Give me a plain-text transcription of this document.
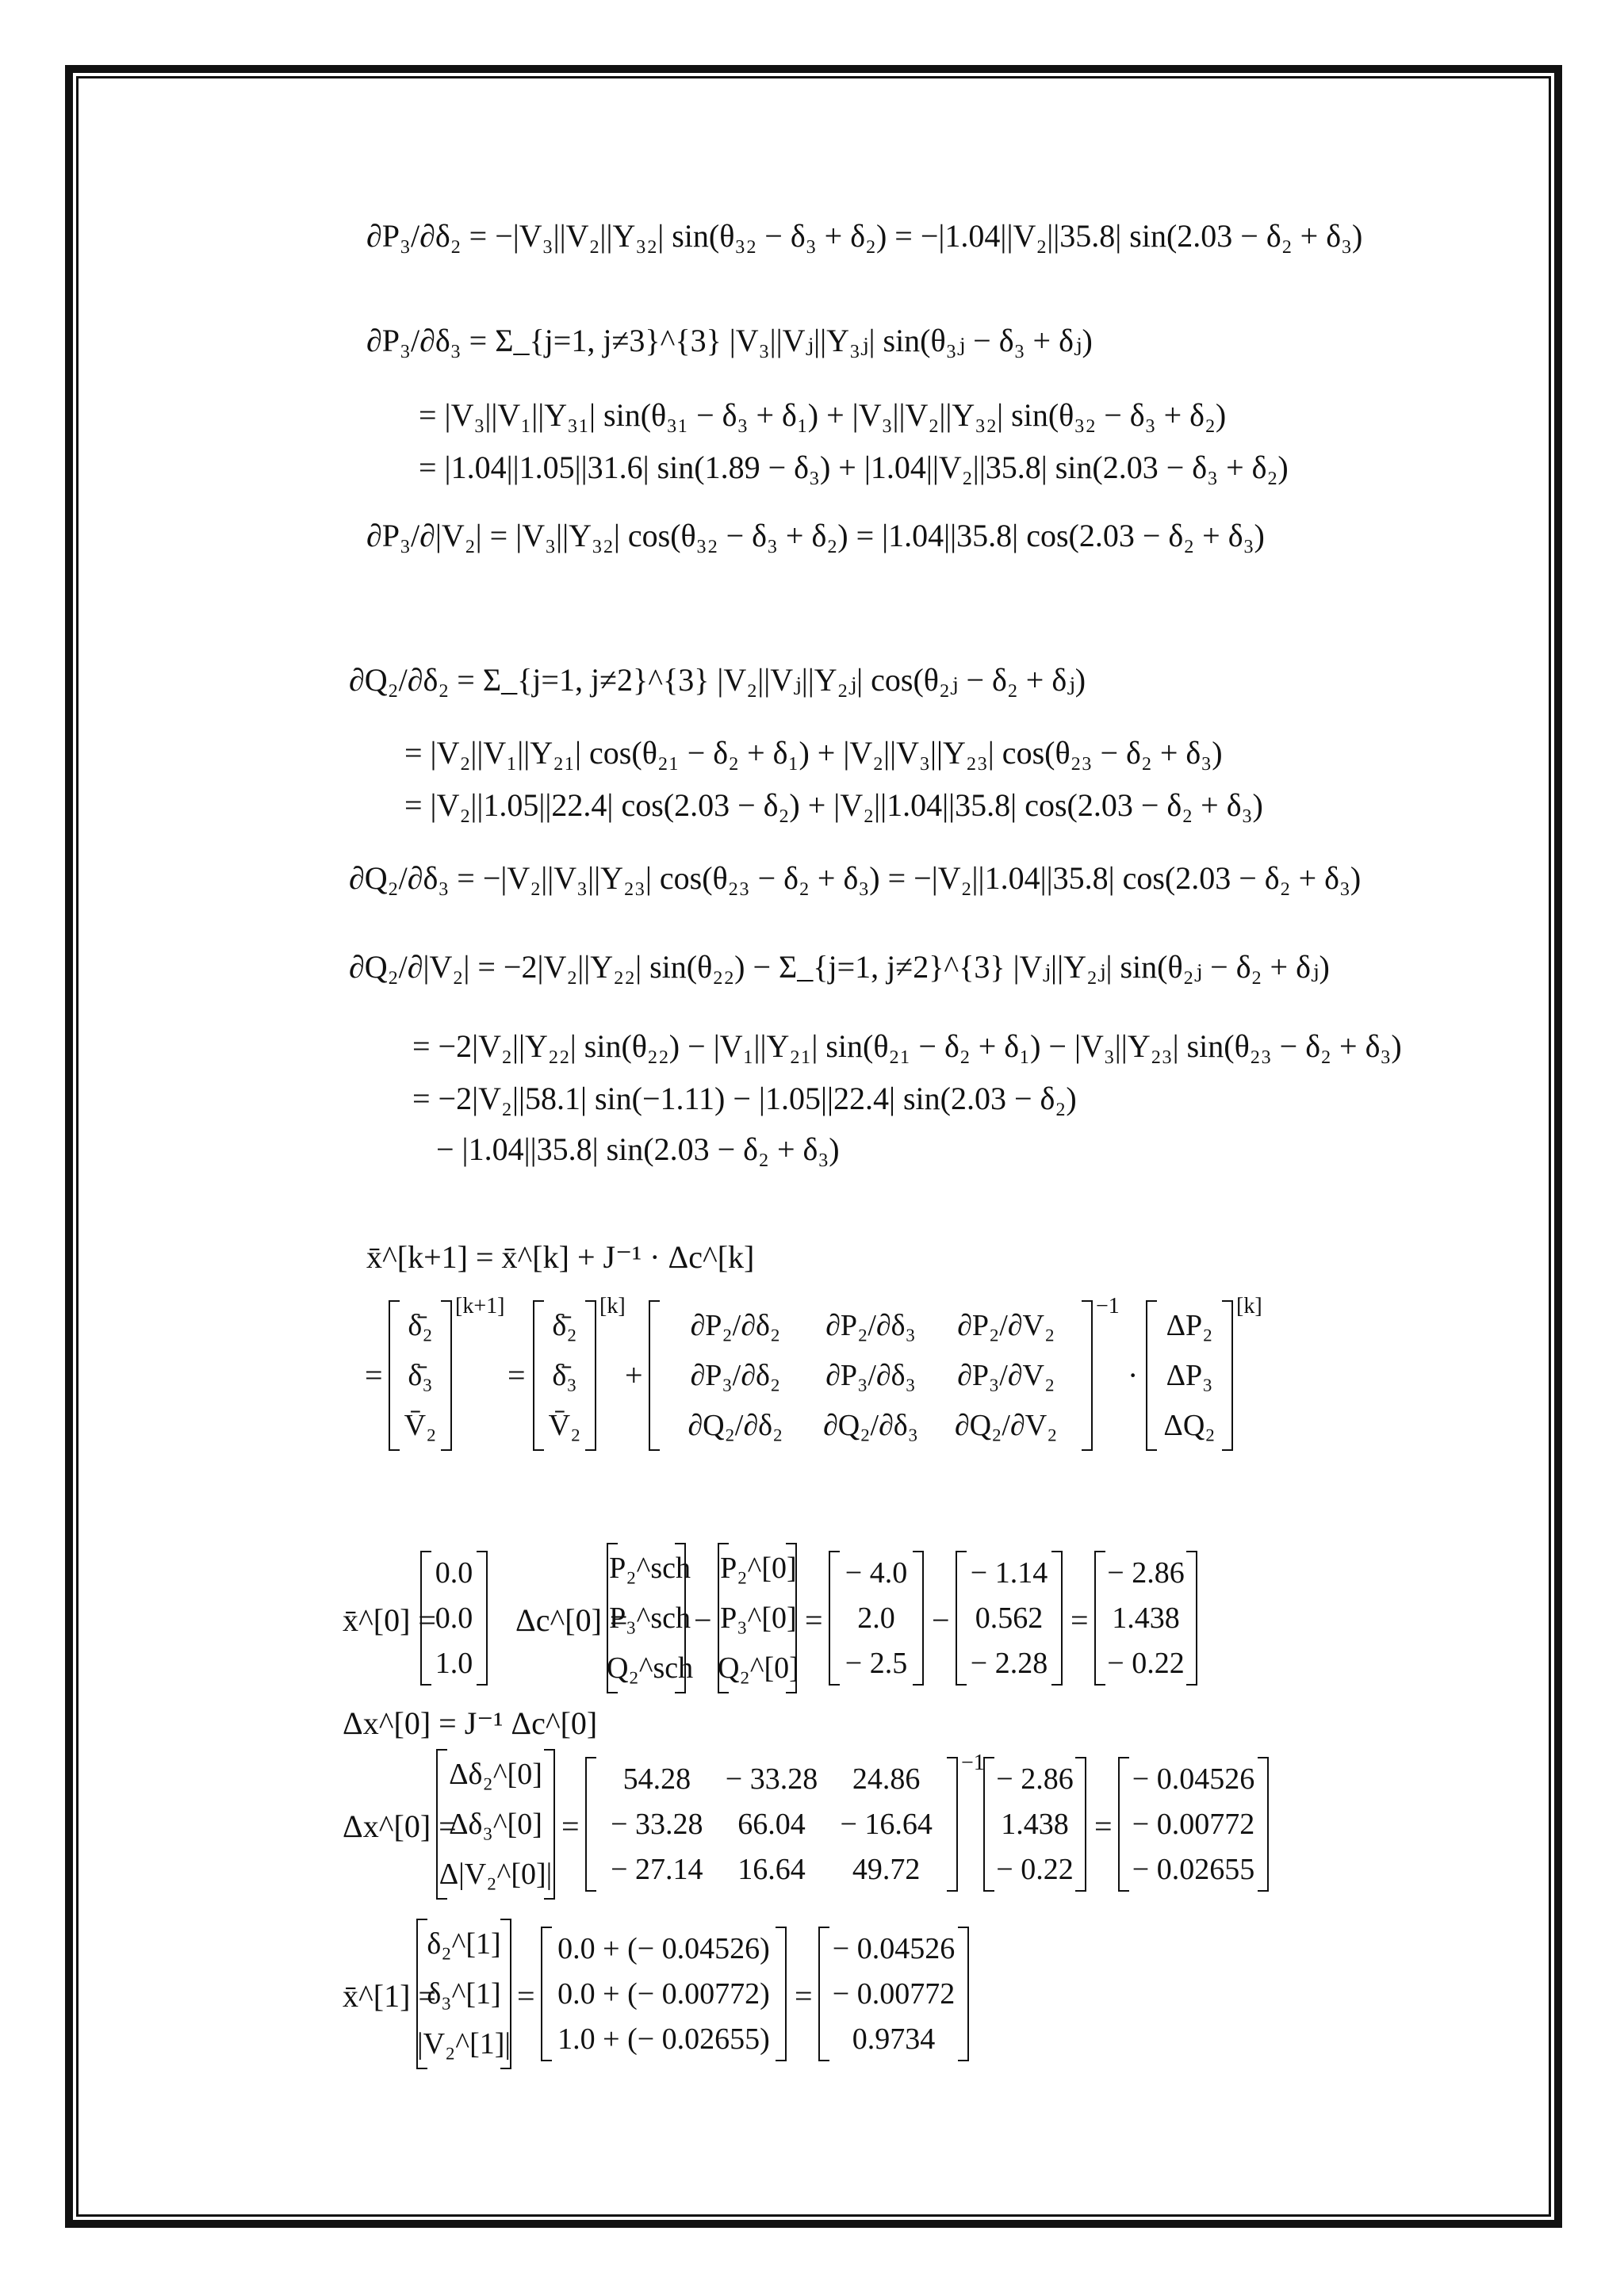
∂P₃/∂δ₂ = −|V₃||V₂||Y₃₂| sin(θ₃₂ − δ₃ + δ₂) = −|1.04||V₂||35.8| sin(2.03 − δ₂ + δ₃)
∂P₃/∂δ₃ = Σ_{j=1, j≠3}^{3} |V₃||Vⱼ||Y₃ⱼ| sin(θ₃ⱼ − δ₃ + δⱼ)
= |V₃||V₁||Y₃₁| sin(θ₃₁ − δ₃ + δ₁) + |V₃||V₂||Y₃₂| sin(θ₃₂ − δ₃ + δ₂)
= |1.04||1.05||31.6| sin(1.89 − δ₃) + |1.04||V₂||35.8| sin(2.03 − δ₃ + δ₂)
∂P₃/∂|V₂| = |V₃||Y₃₂| cos(θ₃₂ − δ₃ + δ₂) = |1.04||35.8| cos(2.03 − δ₂ + δ₃)
∂Q₂/∂δ₂ = Σ_{j=1, j≠2}^{3} |V₂||Vⱼ||Y₂ⱼ| cos(θ₂ⱼ − δ₂ + δⱼ)
= |V₂||V₁||Y₂₁| cos(θ₂₁ − δ₂ + δ₁) + |V₂||V₃||Y₂₃| cos(θ₂₃ − δ₂ + δ₃)
= |V₂||1.05||22.4| cos(2.03 − δ₂) + |V₂||1.04||35.8| cos(2.03 − δ₂ + δ₃)
∂Q₂/∂δ₃ = −|V₂||V₃||Y₂₃| cos(θ₂₃ − δ₂ + δ₃) = −|V₂||1.04||35.8| cos(2.03 − δ₂ + δ₃)
∂Q₂/∂|V₂| = −2|V₂||Y₂₂| sin(θ₂₂) − Σ_{j=1, j≠2}^{3} |Vⱼ||Y₂ⱼ| sin(θ₂ⱼ − δ₂ + δⱼ)
= −2|V₂||Y₂₂| sin(θ₂₂) − |V₁||Y₂₁| sin(θ₂₁ − δ₂ + δ₁) − |V₃||Y₂₃| sin(θ₂₃ − δ₂ + δ₃)
= −2|V₂||58.1| sin(−1.11) − |1.05||22.4| sin(2.03 − δ₂)
− |1.04||35.8| sin(2.03 − δ₂ + δ₃)
x̄^[k+1] = x̄^[k] + J⁻¹ · Δc^[k]
=
δ̄₂
δ̄₃
V̄₂
[k+1]
=
δ̄₂
δ̄₃
V̄₂
[k]
+
∂P₂/∂δ₂ ∂P₂/∂δ₃ ∂P₂/∂V₂
∂P₃/∂δ₂ ∂P₃/∂δ₃ ∂P₃/∂V₂
∂Q₂/∂δ₂ ∂Q₂/∂δ₃ ∂Q₂/∂V₂
−1
·
ΔP₂
ΔP₃
ΔQ₂
[k]
x̄^[0] =
0.0
0.0
1.0
Δc^[0] =
P₂^sch
P₃^sch
Q₂^sch
−
P₂^[0]
P₃^[0]
Q₂^[0]
=
− 4.0
2.0
− 2.5
−
− 1.14
0.562
− 2.28
=
− 2.86
1.438
− 0.22
Δx^[0] = J⁻¹ Δc^[0]
Δx^[0] =
Δδ₂^[0]
Δδ₃^[0]
Δ|V₂^[0]|
=
54.28 − 33.28 24.86
− 33.28 66.04 − 16.64
− 27.14 16.64 49.72
−1 − 2.86
1.438
− 0.22
=
− 0.04526
− 0.00772
− 0.02655
x̄^[1] =
δ₂^[1]
δ₃^[1]
|V₂^[1]|
=
0.0 + (− 0.04526)
0.0 + (− 0.00772)
1.0 + (− 0.02655)
=
− 0.04526
− 0.00772
0.9734
